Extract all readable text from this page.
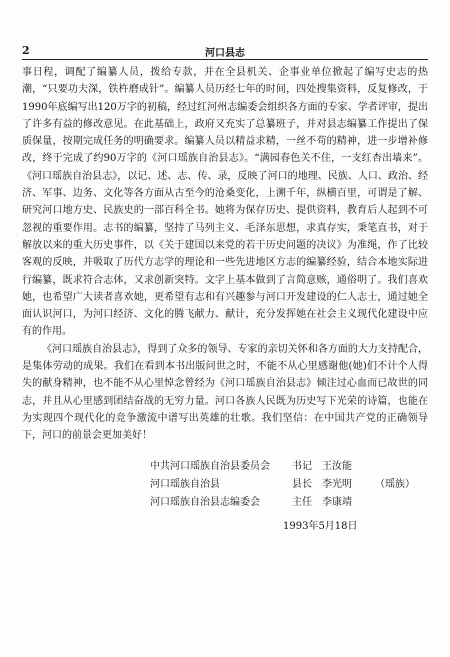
2	河口县志

事日程，调配了编纂人员，拨给专款，并在全县机关、企事业单位掀起了编写史志的热潮，“只要功夫深，铁杵磨成针”。编纂人员历经七年的时间，四处搜集资料，反复修改，于1990年底编写出120万字的初稿，经过红河州志编委会组织各方面的专家、学者评审，提出了许多有益的修改意见。在此基础上，政府又充实了总纂班子，并对县志编纂工作提出了保质保量，按期完成任务的明确要求。编纂人员以精益求精，一丝不苟的精神，进一步增补修改，终于完成了约90万字的《河口瑶族自治县志》。“满园春色关不住，一支红杏出墙来”。《河口瑶族自治县志》，以记、述、志、传、录，反映了河口的地理、民族、人口、政治、经济、军事、边务、文化等各方面从古至今的沧桑变化，上溯千年，纵横百里，可谓是了解、研究河口地方史、民族史的一部百科全书。她将为保存历史、提供资料，教育后人起到不可忽视的重要作用。志书的编纂，坚持了马列主义、毛泽东思想，求真存实，秉笔直书，对于解放以来的重大历史事件，以《关于建国以来党的若干历史问题的决议》为准绳，作了比较客观的反映，并吸取了历代方志学的理论和一些先进地区方志的编纂经验，结合本地实际进行编纂，既求符合志体，又求创新突特。文字上基本做到了言简意赅，通俗明了。我们喜欢她，也希望广大读者喜欢她，更希望有志和有兴趣参与河口开发建设的仁人志士，通过她全面认识河口，为河口经济、文化的腾飞献力、献计，充分发挥她在社会主义现代化建设中应有的作用。

《河口瑶族自治县志》，得到了众多的领导、专家的亲切关怀和各方面的大力支持配合，是集体劳动的成果。我们在看到本书出版问世之时，不能不从心里感谢他(她)们不计个人得失的献身精神，也不能不从心里悼念曾经为《河口瑶族自治县志》倾注过心血而已故世的同志，并且从心里感到团结奋战的无穷力量。河口各族人民既为历史写下光荣的诗篇，也能在为实现四个现代化的竞争激流中谱写出英雄的壮歌。我们坚信：在中国共产党的正确领导下，河口的前景会更加美好！

中共河口瑶族自治县委员会 书记 王汝能
河口瑶族自治县	县长 李光明 （瑶族）
河口瑶族自治县志编委会	主任 李康靖
1993年5月18日
